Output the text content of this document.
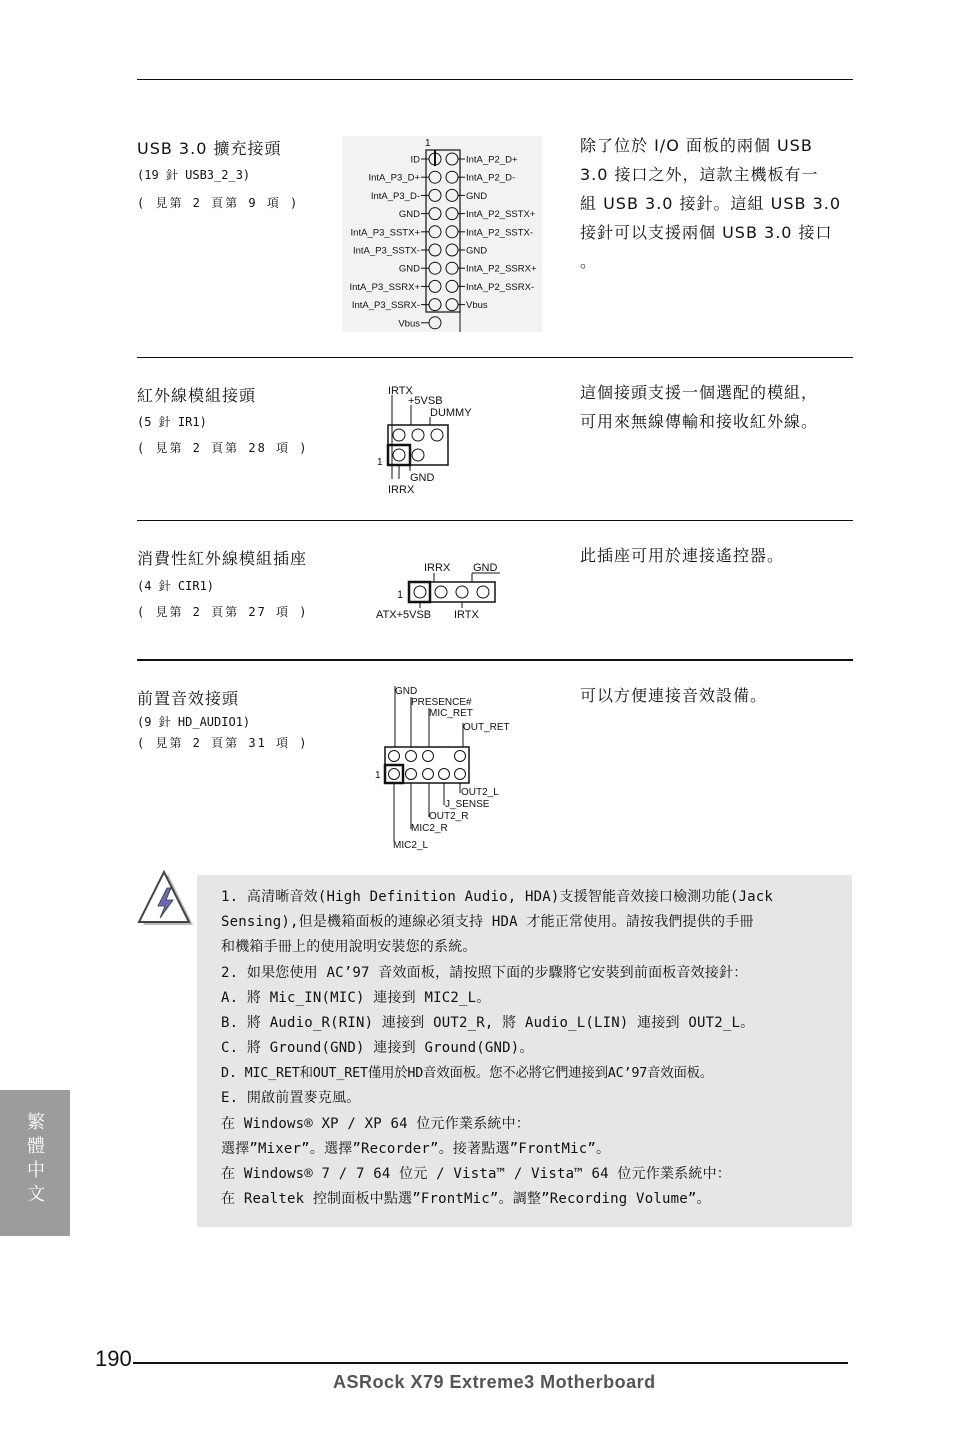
USB 3.0 擴充接頭
(19 針 USB3_2_3)
( 見第 2 頁第 9 項 )
1
ID
IntA_P3_D+
IntA_P3_D-
GND
IntA_P3_SSTX+
IntA_P3_SSTX-
GND
IntA_P3_SSRX+
IntA_P3_SSRX-
Vbus
IntA_P2_D+
IntA_P2_D-
GND
IntA_P2_SSTX+
IntA_P2_SSTX-
GND
IntA_P2_SSRX+
IntA_P2_SSRX-
Vbus
除了位於 I/O 面板的兩個 USB
3.0 接口之外，這款主機板有一
組 USB 3.0 接針。這組 USB 3.0
接針可以支援兩個 USB 3.0 接口
。
紅外線模組接頭
(5 針 IR1)
( 見第 2 頁第 28 項 )
IRTX
+5VSB
DUMMY
1
GND
IRRX
這個接頭支援一個選配的模組，
可用來無線傳輸和接收紅外線。
消費性紅外線模組插座
(4 針 CIR1)
( 見第 2 頁第 27 項 )
IRRX GND
1
ATX+5VSB IRTX
此插座可用於連接遙控器。
前置音效接頭
(9 針 HD_AUDIO1)
( 見第 2 頁第 31 項 )
GND
PRESENCE#
MIC_RET
OUT_RET
1
OUT2_L
J_SENSE
OUT2_R
MIC2_R
MIC2_L
可以方便連接音效設備。
1. 高清晰音效(High Definition Audio, HDA)支援智能音效接口檢測功能(Jack
Sensing),但是機箱面板的連線必須支持 HDA 才能正常使用。請按我們提供的手冊
和機箱手冊上的使用說明安裝您的系統。
2. 如果您使用 AC’97 音效面板，請按照下面的步驟將它安裝到前面板音效接針：
A. 將 Mic_IN(MIC) 連接到 MIC2_L。
B. 將 Audio_R(RIN) 連接到 OUT2_R, 將 Audio_L(LIN) 連接到 OUT2_L。
C. 將 Ground(GND) 連接到 Ground(GND)。
D. MIC_RET和OUT_RET僅用於HD音效面板。您不必將它們連接到AC’97音效面板。
E. 開啟前置麥克風。
在 Windows® XP / XP 64 位元作業系統中：
選擇”Mixer”。選擇”Recorder”。接著點選”FrontMic”。
在 Windows® 7 / 7 64 位元 / Vista™ / Vista™ 64 位元作業系統中：
在 Realtek 控制面板中點選”FrontMic”。調整”Recording Volume”。
繁體中文
190
ASRock X79 Extreme3 Motherboard
